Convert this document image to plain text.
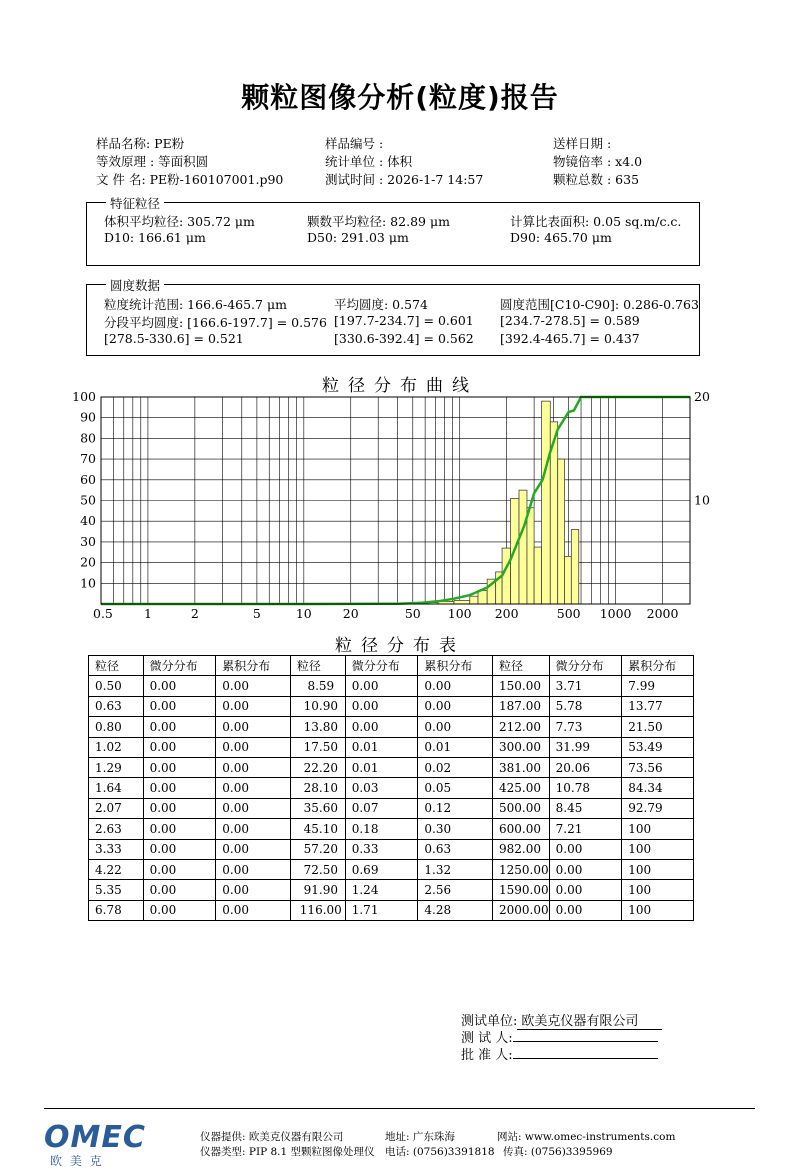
颗粒图像分析(粒度)报告
样品名称: PE粉
等效原理 : 等面积圆
文 件 名: PE粉-160107001.p90
样品编号 :
统计单位 : 体积
测试时间 : 2026-1-7 14:57
送样日期 :
物镜倍率 : x4.0
颗粒总数 : 635
特征粒径
体积平均粒径: 305.72 μm	颗数平均粒径: 82.89 μm	计算比表面积: 0.05 sq.m/c.c.
D10: 166.61 μm	D50: 291.03 μm	D90: 465.70 μm
圆度数据
粒度统计范围: 166.6-465.7 μm	平均圆度: 0.574	圆度范围[C10-C90]: 0.286-0.763
分段平均圆度: [166.6-197.7] = 0.576 [197.7-234.7] = 0.601 [234.7-278.5] = 0.589
[278.5-330.6] = 0.521	[330.6-392.4] = 0.562 [392.4-465.7] = 0.437
粒径分布曲线
100
90
80
70
60
50
40
30
20
10
20
10
0.5 1	2	5	10 20	50 100 200	500 1000 2000
粒径分布表
粒径	微分分布	累积分布	粒径	微分分布	累积分布	粒径	微分分布	累积分布
0.50	0.00	0.00	8.59	0.00	0.00	150.00	3.71	7.99
0.63	0.00	0.00	10.90	0.00	0.00	187.00	5.78	13.77
0.80	0.00	0.00	13.80	0.00	0.00	212.00	7.73	21.50
1.02	0.00	0.00	17.50	0.01	0.01	300.00	31.99	53.49
1.29	0.00	0.00	22.20	0.01	0.02	381.00	20.06	73.56
1.64	0.00	0.00	28.10	0.03	0.05	425.00	10.78	84.34
2.07	0.00	0.00	35.60	0.07	0.12	500.00	8.45	92.79
2.63	0.00	0.00	45.10	0.18	0.30	600.00	7.21	100
3.33	0.00	0.00	57.20	0.33	0.63	982.00	0.00	100
4.22	0.00	0.00	72.50	0.69	1.32	1250.00	0.00	100
5.35	0.00	0.00	91.90	1.24	2.56	1590.00	0.00	100
6.78	0.00	0.00	116.00	1.71	4.28	2000.00	0.00	100
测试单位: 欧美克仪器有限公司
测 试 人:
批 准 人:
OMEC
欧 美 克
仪器提供: 欧美克仪器有限公司
仪器类型: PIP 8.1 型颗粒图像处理仪
地址: 广东珠海
电话: (0756)3391818
网站: www.omec-instruments.com
传真: (0756)3395969
